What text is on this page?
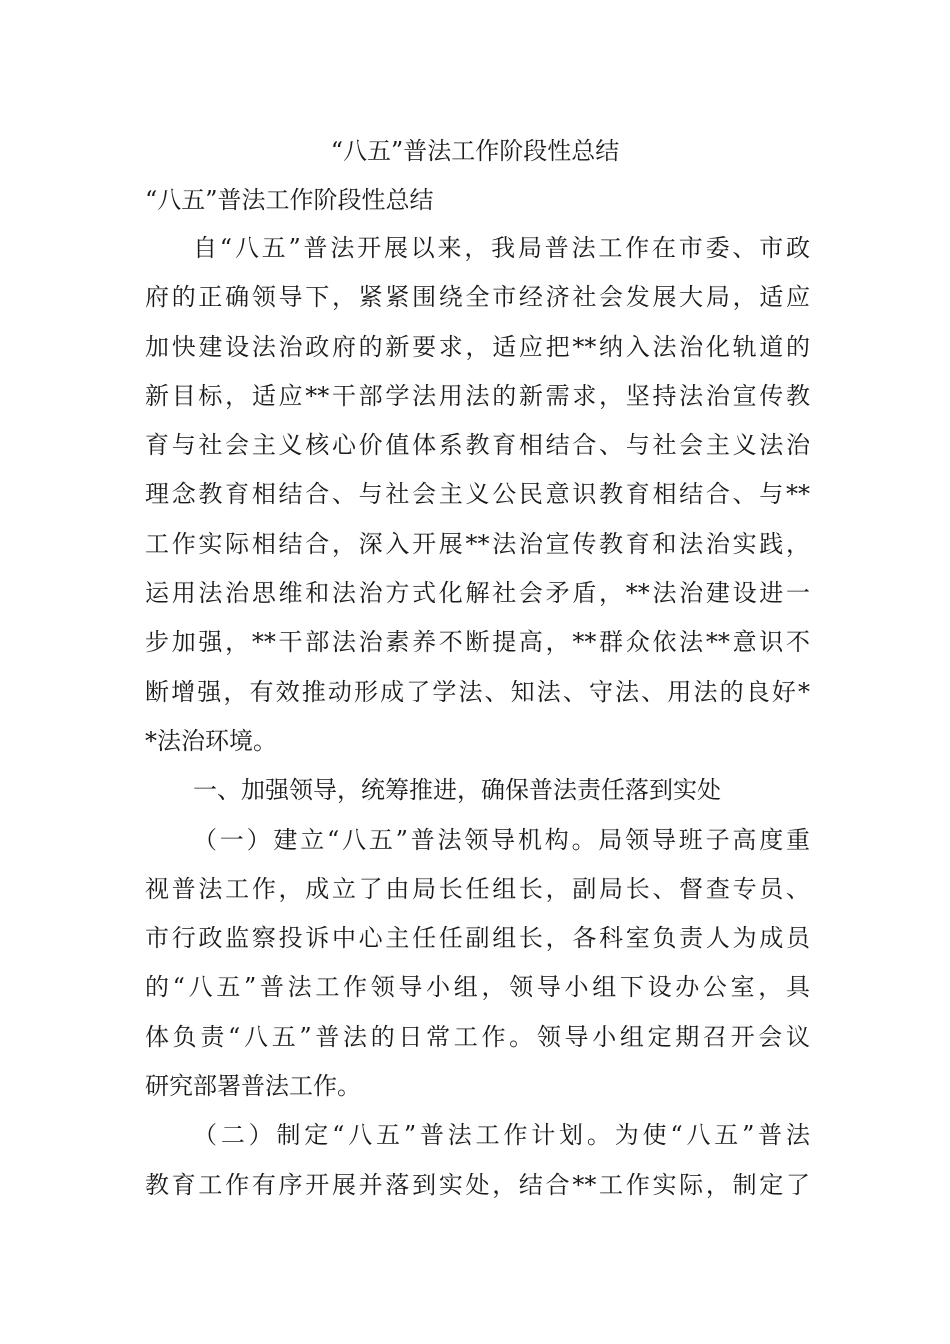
“八五”普法工作阶段性总结
“八五”普法工作阶段性总结
自“八五”普法开展以来，我局普法工作在市委、市政
府的正确领导下，紧紧围绕全市经济社会发展大局，适应
加快建设法治政府的新要求，适应把**纳入法治化轨道的
新目标，适应**干部学法用法的新需求，坚持法治宣传教
育与社会主义核心价值体系教育相结合、与社会主义法治
理念教育相结合、与社会主义公民意识教育相结合、与**
工作实际相结合，深入开展**法治宣传教育和法治实践，
运用法治思维和法治方式化解社会矛盾，**法治建设进一
步加强，**干部法治素养不断提高，**群众依法**意识不
断增强，有效推动形成了学法、知法、守法、用法的良好*
*法治环境。
一、加强领导，统筹推进，确保普法责任落到实处
（一）建立“八五”普法领导机构。局领导班子高度重
视普法工作，成立了由局长任组长，副局长、督查专员、
市行政监察投诉中心主任任副组长，各科室负责人为成员
的“八五”普法工作领导小组，领导小组下设办公室，具
体负责“八五”普法的日常工作。领导小组定期召开会议
研究部署普法工作。
（二）制定“八五”普法工作计划。为使“八五”普法
教育工作有序开展并落到实处，结合**工作实际，制定了
